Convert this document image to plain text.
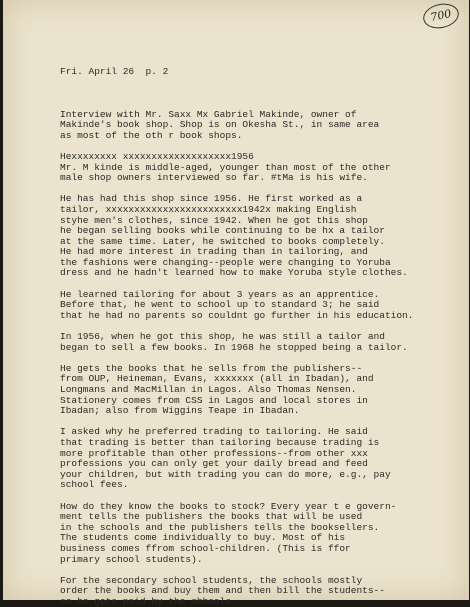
700

Fri. April 26  p. 2

Interview with Mr. Saxx Mx Gabriel Makinde, owner of
Makinde's book shop. Shop is on Okesha St., in same area
as most of the oth r book shops.
Hexxxxxxxx xxxxxxxxxxxxxxxxxxx1956
Mr. M kinde is middle-aged, younger than most of the other
male shop owners interviewed so far. #tMa is his wife.
He has had this shop since 1956. He first worked as a
tailor, xxxxxxxxxxxxxxxxxxxxxxxx1942x making English
styhe men's clothes, since 1942. When he got this shop
he began selling books while continuing to be hx a tailor
at the same time. Later, he switched to books completely.
He had more interest in trading than in tailoring, and
the fashions were changing--people were changing to Yoruba
dress and he hadn't learned how to make Yoruba style clothes.
He learned tailoring for about 3 years as an apprentice.
Before that, he went to school up to standard 3; he said
that he had no parents so couldnt go further in his education.
In 1956, when he got this shop, he was still a tailor and
began to sell a few books. In 1968 he stopped being a tailor.
He gets the books that he sells from the publishers--
from OUP, Heineman, Evans, xxxxxxx (all in Ibadan), and
Longmans and MacMillan in Lagos. Also Thomas Nensen.
Stationery comes from CSS in Lagos and local stores in
Ibadan; also from Wiggins Teape in Ibadan.
I asked why he preferred trading to tailoring. He said
that trading is better than tailoring because trading is
more profitable than other professions--from other xxx
professions you can only get your daily bread and feed
your children, but with trading you can do more, e.g., pay
school fees.
How do they know the books to stock? Every year t e govern-
ment tells the publishers the books that will be used
in the schools and the publishers tells the booksellers.
The students come individually to buy. Most of his
business comes ffrom school-children. (This is ffor
primary school students).
For the secondary school students, the schools mostly
order the books and buy them and then bill the students--
so he gets paid by the shhools.
